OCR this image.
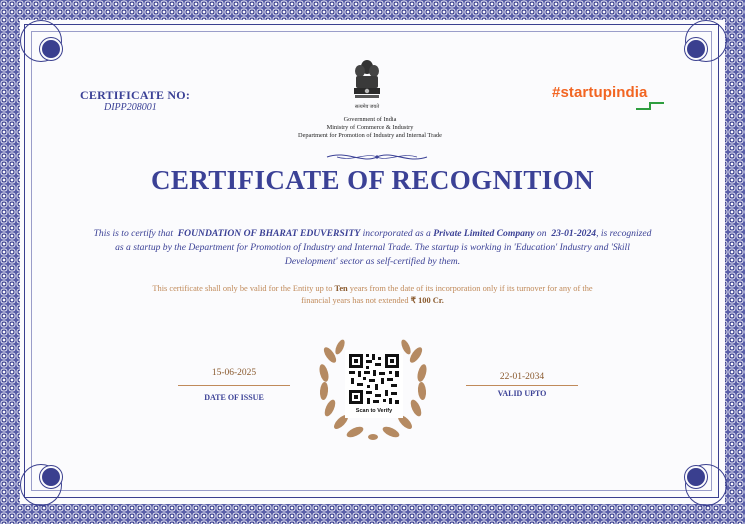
CERTIFICATE NO:
DIPP208001	सत्यमेव जयते
Government of India
Ministry of Commerce & Industry
Department for Promotion of Industry and Internal Trade
#startupindia
CERTIFICATE OF RECOGNITION
This is to certify that FOUNDATION OF BHARAT EDUVERSITY incorporated as a Private Limited Company on 23-01-2024, is recognized as a startup by the Department for Promotion of Industry and Internal Trade. The startup is working in 'Education' Industry and 'Skill Development' sector as self-certified by them.
This certificate shall only be valid for the Entity up to Ten years from the date of its incorporation only if its turnover for any of the financial years has not extended ₹ 100 Cr.
15-06-2025
DATE OF ISSUE
22-01-2034
VALID UPTO
Scan to Verify
